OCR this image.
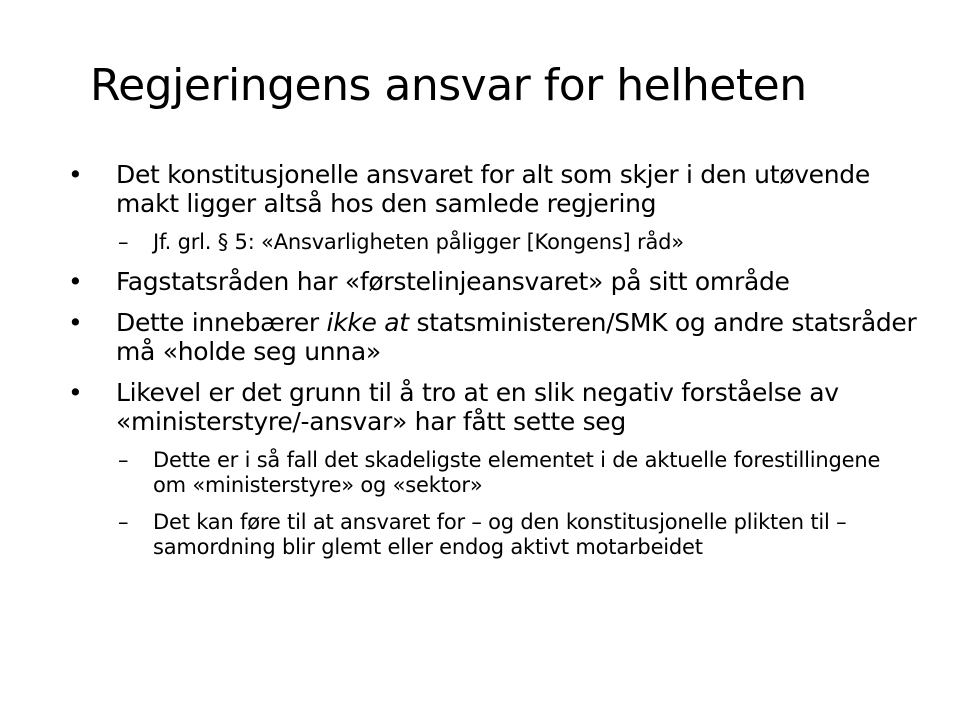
Regjeringens ansvar for helheten
•	Det konstitusjonelle ansvaret for alt som skjer i den utøvende makt ligger altså hos den samlede regjering
–	Jf. grl. § 5: «Ansvarligheten påligger [Kongens] råd»
•	Fagstatsråden har «førstelinjeansvaret» på sitt område
•	Dette innebærer ikke at statsministeren/SMK og andre statsråder må «holde seg unna»
•	Likevel er det grunn til å tro at en slik negativ forståelse av «ministerstyre/-ansvar» har fått sette seg
–	Dette er i så fall det skadeligste elementet i de aktuelle forestillingene om «ministerstyre» og «sektor»
–	Det kan føre til at ansvaret for – og den konstitusjonelle plikten til – samordning blir glemt eller endog aktivt motarbeidet
